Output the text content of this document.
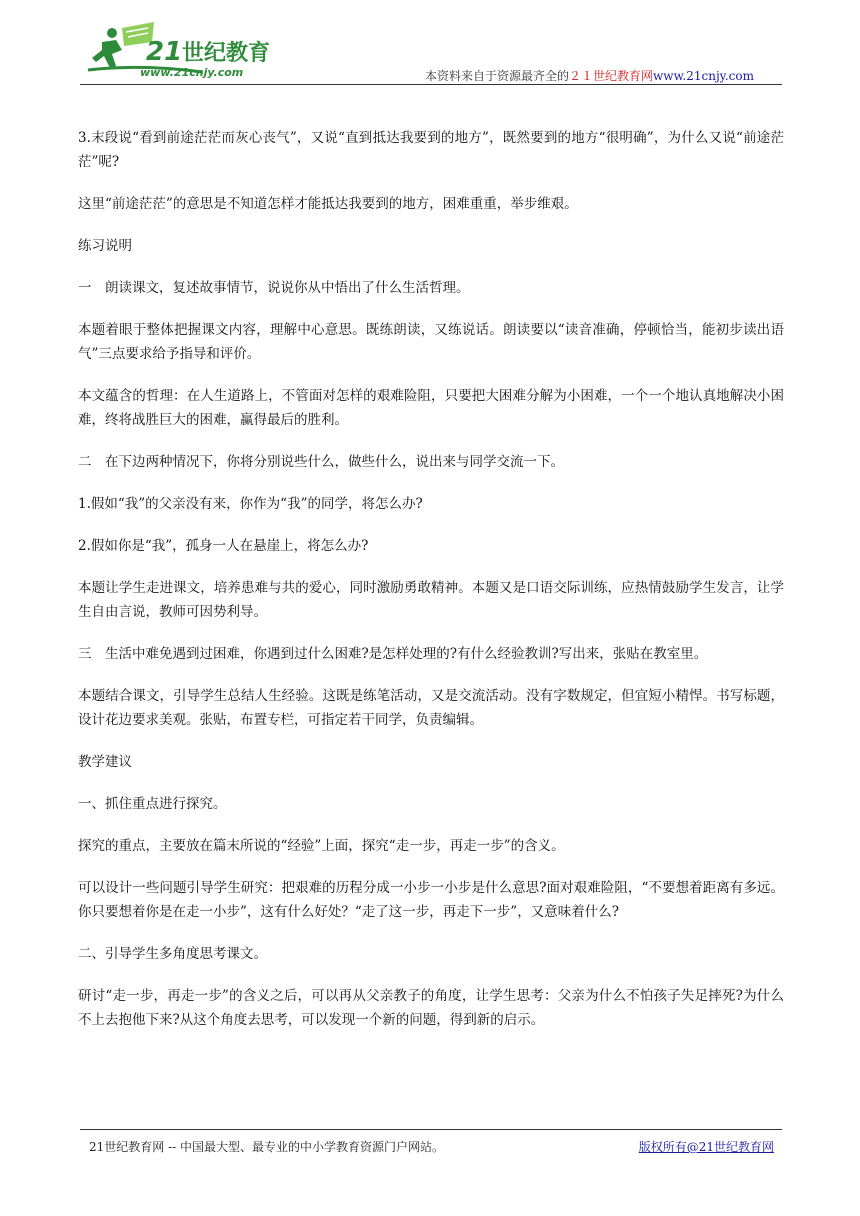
21 世纪教育
www.21cnjy.com	本资料来自于资源最齐全的２１世纪教育网www.21cnjy.com

3.末段说“看到前途茫茫而灰心丧气”，又说“直到抵达我要到的地方”，既然要到的地方“很明确”，为什么又说“前途茫茫”呢?

这里“前途茫茫”的意思是不知道怎样才能抵达我要到的地方，困难重重，举步维艰。

练习说明

一　朗读课文，复述故事情节，说说你从中悟出了什么生活哲理。

本题着眼于整体把握课文内容，理解中心意思。既练朗读，又练说话。朗读要以“读音准确，停顿恰当，能初步读出语气”三点要求给予指导和评价。

本文蕴含的哲理：在人生道路上，不管面对怎样的艰难险阻，只要把大困难分解为小困难，一个一个地认真地解决小困难，终将战胜巨大的困难，赢得最后的胜利。

二　在下边两种情况下，你将分别说些什么，做些什么，说出来与同学交流一下。

1.假如“我”的父亲没有来，你作为“我”的同学，将怎么办?

2.假如你是“我”，孤身一人在悬崖上，将怎么办?

本题让学生走进课文，培养患难与共的爱心，同时激励勇敢精神。本题又是口语交际训练，应热情鼓励学生发言，让学生自由言说，教师可因势利导。

三　生活中难免遇到过困难，你遇到过什么困难?是怎样处理的?有什么经验教训?写出来，张贴在教室里。

本题结合课文，引导学生总结人生经验。这既是练笔活动，又是交流活动。没有字数规定，但宜短小精悍。书写标题，设计花边要求美观。张贴，布置专栏，可指定若干同学，负责编辑。

教学建议

一、抓住重点进行探究。

探究的重点，主要放在篇末所说的“经验”上面，探究“走一步，再走一步”的含义。

可以设计一些问题引导学生研究：把艰难的历程分成一小步一小步是什么意思?面对艰难险阻，“不要想着距离有多远。你只要想着你是在走一小步”，这有什么好处？“走了这一步，再走下一步”，又意味着什么?

二、引导学生多角度思考课文。

研讨“走一步，再走一步”的含义之后，可以再从父亲教子的角度，让学生思考：父亲为什么不怕孩子失足摔死?为什么不上去抱他下来?从这个角度去思考，可以发现一个新的问题，得到新的启示。

21世纪教育网 -- 中国最大型、最专业的中小学教育资源门户网站。	版权所有@21世纪教育网
